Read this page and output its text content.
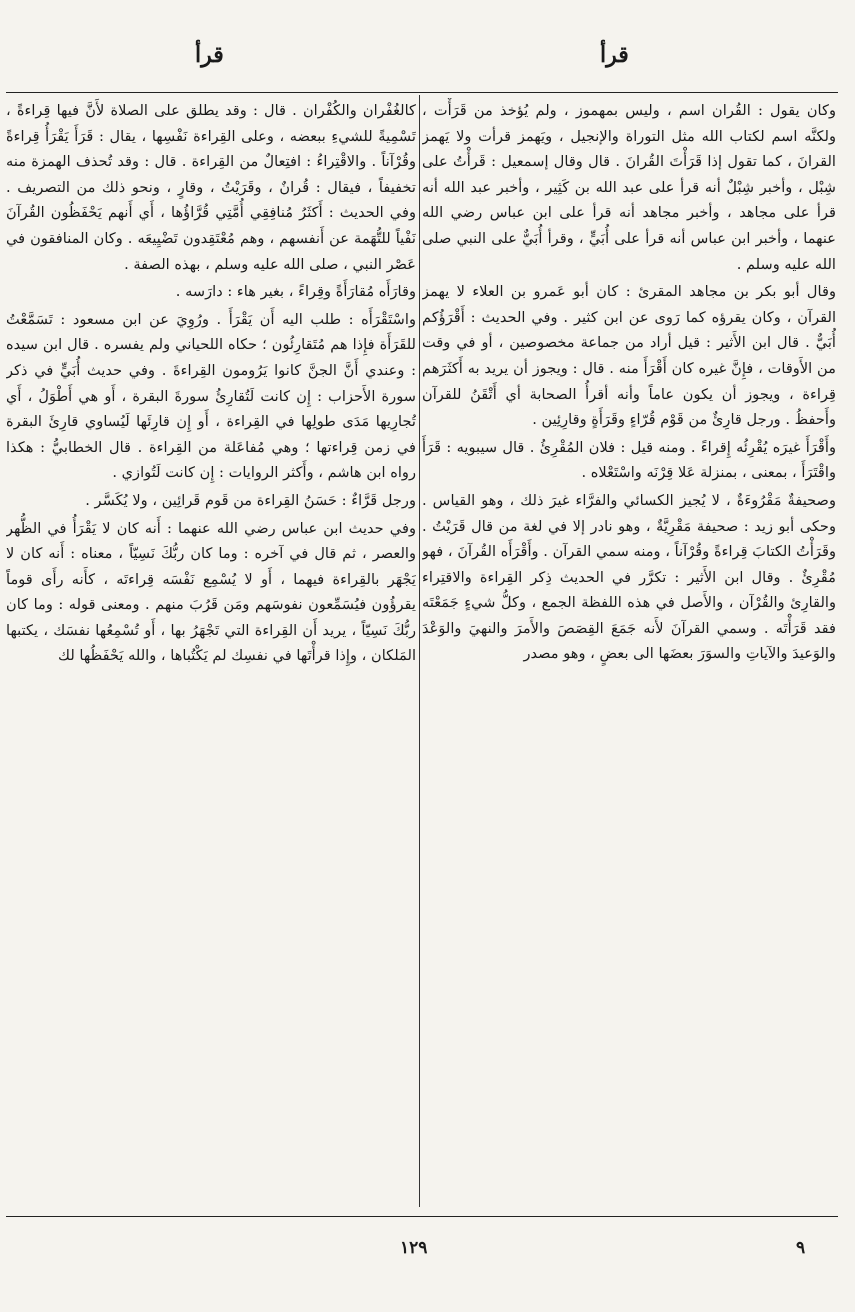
قرأ
قرأ

وكان يقول : القُران اسم ، وليس بمهموز ، ولم يُؤخذ من قَرَأْت ، ولكنَّه اسم لكتاب الله مثل التوراة والإنجيل ، ويَهمز قرأت ولا يَهمز القرانَ ، كما تقول إذا قَرَأْتَ القُرانَ . قال وقال إسمعيل : قَرأْتُ على شِبْل ، وأخبر شِبْلٌ أنه قرأ على عبد الله بن كَثِير ، وأخبر عبد الله أنه قرأ على مجاهد ، وأخبر مجاهد أنه قرأ على ابن عباس رضي الله عنهما ، وأخبر ابن عباس أنه قرأ على أُبَيٍّ ، وقرأ أُبَيٌّ على النبي صلى الله عليه وسلم .

وقال أبو بكر بن مجاهد المقرئ : كان أبو عَمرو بن العلاء لا يهمز القرآن ، وكان يقرؤه كما رَوى عن ابن كثير . وفي الحديث : أَقْرَؤُكم أُبَيٌّ . قال ابن الأَثير : قيل أراد من جماعة مخصوصين ، أو في وقت من الأَوقات ، فإِنَّ غيره كان أَقْرَأَ منه . قال : ويجوز أن يريد به أَكثَرَهم قِراءة ، ويجوز أن يكون عاماً وأنه أقرأُ الصحابة أي أَتْقَنُ للقرآن وأَحفظُ . ورجل قارِئٌ من قَوْم قُرّاءٍ وقَرَأَةٍ وقارِئِين .

وأَقْرَأَ غيرَه يُقْرِئُه إِقراءً . ومنه قيل : فلان المُقْرِئُ . قال سيبويه : قَرَأَ واقْتَرَأَ ، بمعنى ، بمنزلة عَلا قِرْنَه واسْتَعْلاه .

وصحيفةٌ مَقْرُوءَةٌ ، لا يُجيز الكسائي والفرَّاء غيرَ ذلك ، وهو القياس . وحكى أبو زيد : صحيفة مَقْرِيَّةٌ ، وهو نادر إلا في لغة من قال قَرَيْتُ . وقَرَأْتُ الكتابَ قِراءةً وقُرْآناً ، ومنه سمي القرآن . وأَقْرَأَه القُرآنَ ، فهو مُقْرِئٌ . وقال ابن الأَثير : تكرَّر في الحديث ذِكر القِراءة والاقتِراء والقارِئ والقُرْآن ، والأَصل في هذه اللفظة الجمع ، وكلُّ شيءٍ جَمَعْتَه فقد قَرَأْتَه . وسمي القرآنَ لأَنه جَمَعَ القِصَصَ والأَمرَ والنهيَ والوَعْدَ والوَعيدَ والآياتِ والسوَرَ بعضَها الى بعضٍ ، وهو مصدر

كالغُفْران والكُفْران . قال : وقد يطلق على الصلاة لأَنَّ فيها قِراءةً ، تَسْمِيةً للشيءِ ببعضه ، وعلى القِراءة نَفْسِها ، يقال : قَرَأَ يَقْرَأُ قِراءةً وقُرْآناً . والاقْتِراءُ : افتِعالٌ من القِراءة . قال : وقد تُحذف الهمزة منه تخفيفاً ، فيقال : قُرانٌ ، وقَرَيْتُ ، وقارٍ ، ونحو ذلك من التصريف . وفي الحديث : أَكثَرُ مُنافِقِي أُمَّتِي قُرَّاؤُها ، أَي أَنهم يَحْفَظُون القُرآنَ نَفْياً للتُّهَمة عن أَنفسهم ، وهم مُعْتَقِدون تَضْيِيعَه . وكان المنافقون في عَصْر النبي ، صلى الله عليه وسلم ، بهذه الصفة .

وقارَأَه مُقارَأَةً وقِراءً ، بغير هاء : دارَسه .

واسْتَقْرَأَه : طلب اليه أَن يَقْرَأَ . ورُوِيَ عن ابن مسعود : تَسَمَّعْتُ للقَرَأَة فإِذا هم مُتَقارِئُون ؛ حكاه اللحياني ولم يفسره . قال ابن سيده : وعندي أَنَّ الجنَّ كانوا يَرُومون القِراءةَ . وفي حديث أُبَيٍّ في ذكر سورة الأَحزاب : إِن كانت لَتُقارِئُ سورةَ البقرة ، أَو هي أَطْوَلُ ، أَي تُجارِيها مَدَى طولِها في القِراءة ، أَو إِن قارِئَها لَيُساوي قارِئَ البقرة في زمن قِراءتها ؛ وهي مُفاعَلة من القِراءة . قال الخطابيُّ : هكذا رواه ابن هاشم ، وأَكثر الروايات : إِن كانت لَتُوازي .

ورجل قَرَّاءٌ : حَسَنُ القِراءة من قَوم قَرائِين ، ولا يُكَسَّر .

وفي حديث ابن عباس رضي الله عنهما : أَنه كان لا يَقْرَأُ في الظُّهر والعصر ، ثم قال في آخره : وما كان ربُّكَ نَسِيّاً ، معناه : أَنه كان لا يَجْهَر بالقِراءة فيهما ، أَو لا يُسْمِع نَفْسَه قِراءتَه ، كأَنه رأَى قوماً يقرؤُون فيُسَمِّعون نفوسَهم ومَن قَرُبَ منهم . ومعنى قوله : وما كان ربُّكَ نَسِيّاً ، يريد أَن القِراءة التي تَجْهَرُ بها ، أَو تُسْمِعُها نفسَك ، يكتبها المَلكان ، وإِذا قرأْتَها في نفسِك لم يَكْتُباها ، والله يَحْفَظُها لك

١٢٩	٩
